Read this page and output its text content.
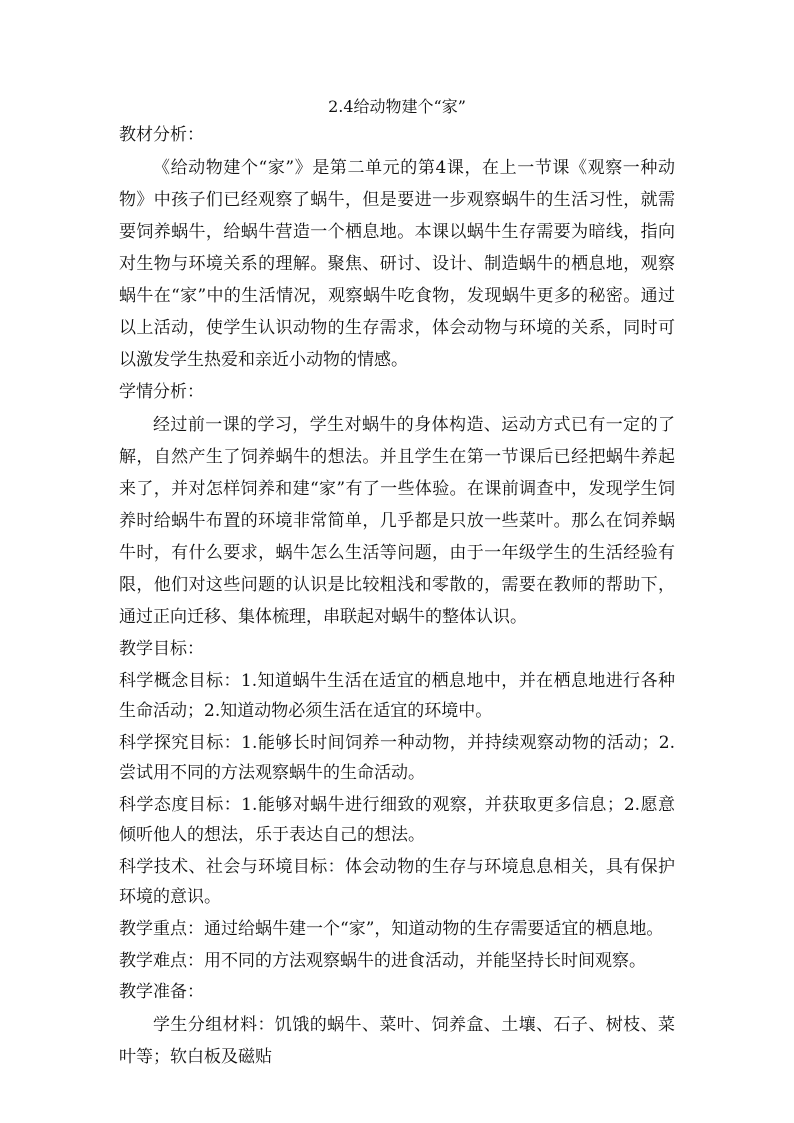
2.4给动物建个“家”

教材分析：

《给动物建个“家”》是第二单元的第4课，在上一节课《观察一种动物》中孩子们已经观察了蜗牛，但是要进一步观察蜗牛的生活习性，就需要饲养蜗牛，给蜗牛营造一个栖息地。本课以蜗牛生存需要为暗线，指向对生物与环境关系的理解。聚焦、研讨、设计、制造蜗牛的栖息地，观察蜗牛在“家”中的生活情况，观察蜗牛吃食物，发现蜗牛更多的秘密。通过以上活动，使学生认识动物的生存需求，体会动物与环境的关系，同时可以激发学生热爱和亲近小动物的情感。

学情分析：

经过前一课的学习，学生对蜗牛的身体构造、运动方式已有一定的了解，自然产生了饲养蜗牛的想法。并且学生在第一节课后已经把蜗牛养起来了，并对怎样饲养和建“家”有了一些体验。在课前调查中，发现学生饲养时给蜗牛布置的环境非常简单，几乎都是只放一些菜叶。那么在饲养蜗牛时，有什么要求，蜗牛怎么生活等问题，由于一年级学生的生活经验有限，他们对这些问题的认识是比较粗浅和零散的，需要在教师的帮助下，通过正向迁移、集体梳理，串联起对蜗牛的整体认识。

教学目标：

科学概念目标：1.知道蜗牛生活在适宜的栖息地中，并在栖息地进行各种生命活动；2.知道动物必须生活在适宜的环境中。

科学探究目标：1.能够长时间饲养一种动物，并持续观察动物的活动；2.尝试用不同的方法观察蜗牛的生命活动。

科学态度目标：1.能够对蜗牛进行细致的观察，并获取更多信息；2.愿意倾听他人的想法，乐于表达自己的想法。

科学技术、社会与环境目标：体会动物的生存与环境息息相关，具有保护环境的意识。

教学重点：通过给蜗牛建一个“家”，知道动物的生存需要适宜的栖息地。

教学难点：用不同的方法观察蜗牛的进食活动，并能坚持长时间观察。

教学准备：

学生分组材料：饥饿的蜗牛、菜叶、饲养盒、土壤、石子、树枝、菜叶等；软白板及磁贴
